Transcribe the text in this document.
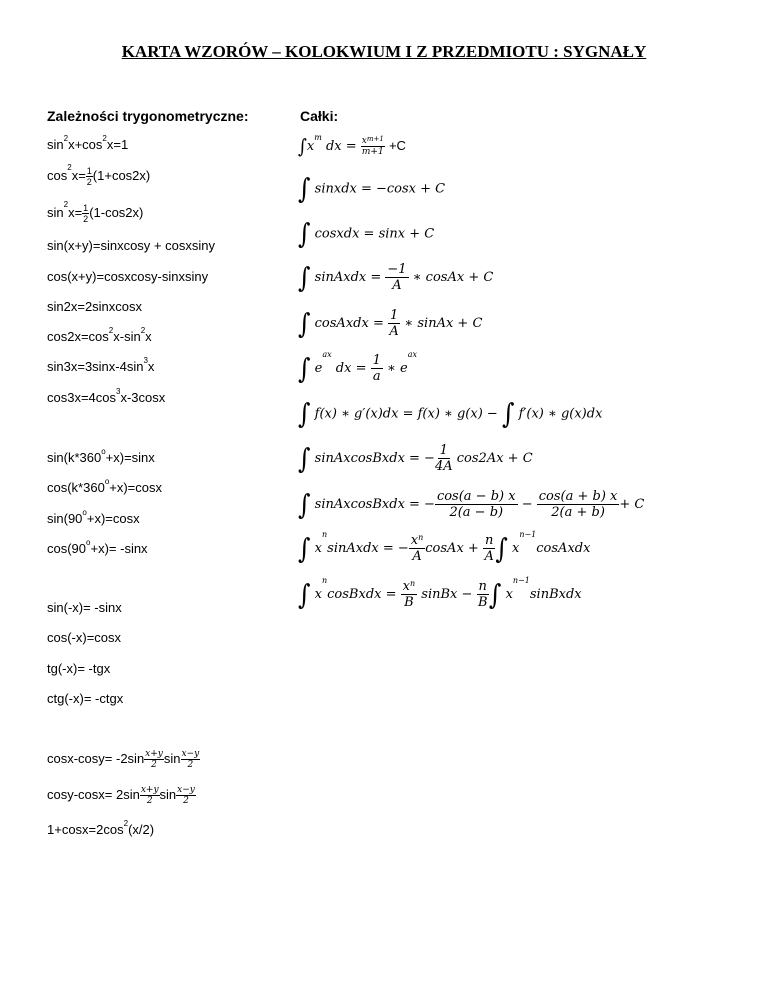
KARTA WZORÓW – KOLOKWIUM I Z PRZEDMIOTU : SYGNAŁY
Zależności trygonometryczne:
$\sin^2x+\cos^2x=1$
$\cos^2x= \frac{1}{2} (1+\cos 2x)$
$\sin^2x= \frac{1}{2} (1-\cos 2x)$
sin(x+y)=sinxcosy + cosxsiny
cos(x+y)=cosxcosy-sinxsiny
sin2x=2sinxcosx
$\cos 2x=\cos^2x-\sin^2x$
$\sin 3x=3\sin x-4\sin^3x$
$\cos 3x=4\cos^3x-3\cos x$
$\sin(k*360^o+x)=\sin x$
$\cos(k*360^o+x)=\cos x$
$\sin(90^o+x)=\cos x$
$\cos(90^o+x)= -\sin x$
sin(-x)= -sinx
cos(-x)=cosx
tg(-x)= -tgx
ctg(-x)= -ctgx
$\cos x-\cos y= -2\sin \frac{x+y}{2}$ $\sin \frac{x-y}{2}$
$\cos y-\cos x= 2\sin \frac{x+y}{2}$ $\sin \frac{x-y}{2}$
$1+\cos x=2\cos^2(x/2)$
Całki:
$\int x^m$ dx = $\frac{x^{m+1}}{m+1} +C$
∫ sinxdx = −cosx + C
∫ cosxdx = sinx + C
∫ sinAxdx = $\frac{-1}{A}$ ∗ cosAx + C
∫ cosAxdx = $\frac{1}{A}$ ∗ sinAx + C
∫ $e^{ax}$ dx = $\frac{1}{a}$ ∗ $e^{ax}$
∫ f(x) ∗ g′(x)dx = f(x) ∗ g(x) − ∫ f′(x) ∗ g(x)dx
∫ sinAxcosBxdx = − $\frac{1}{4A} \cos 2Ax + C$
∫ sinAxcosBxdx = − $\frac{\cos(a - b) x}{2(a - b)} - \frac{\cos(a + b) x}{2(a + b)} + C$
∫ $x^nsinAxdx$ = − $\frac{x^n}{A}$ cosAx + $\frac{n}{A}$ ∫ $x^{n-1}cosAxdx$
∫ $x^ncosBxdx = \frac{x^n}{B}$ sinBx − $\frac{n}{B}$ ∫ $x^{n-1}sinBxdx$
